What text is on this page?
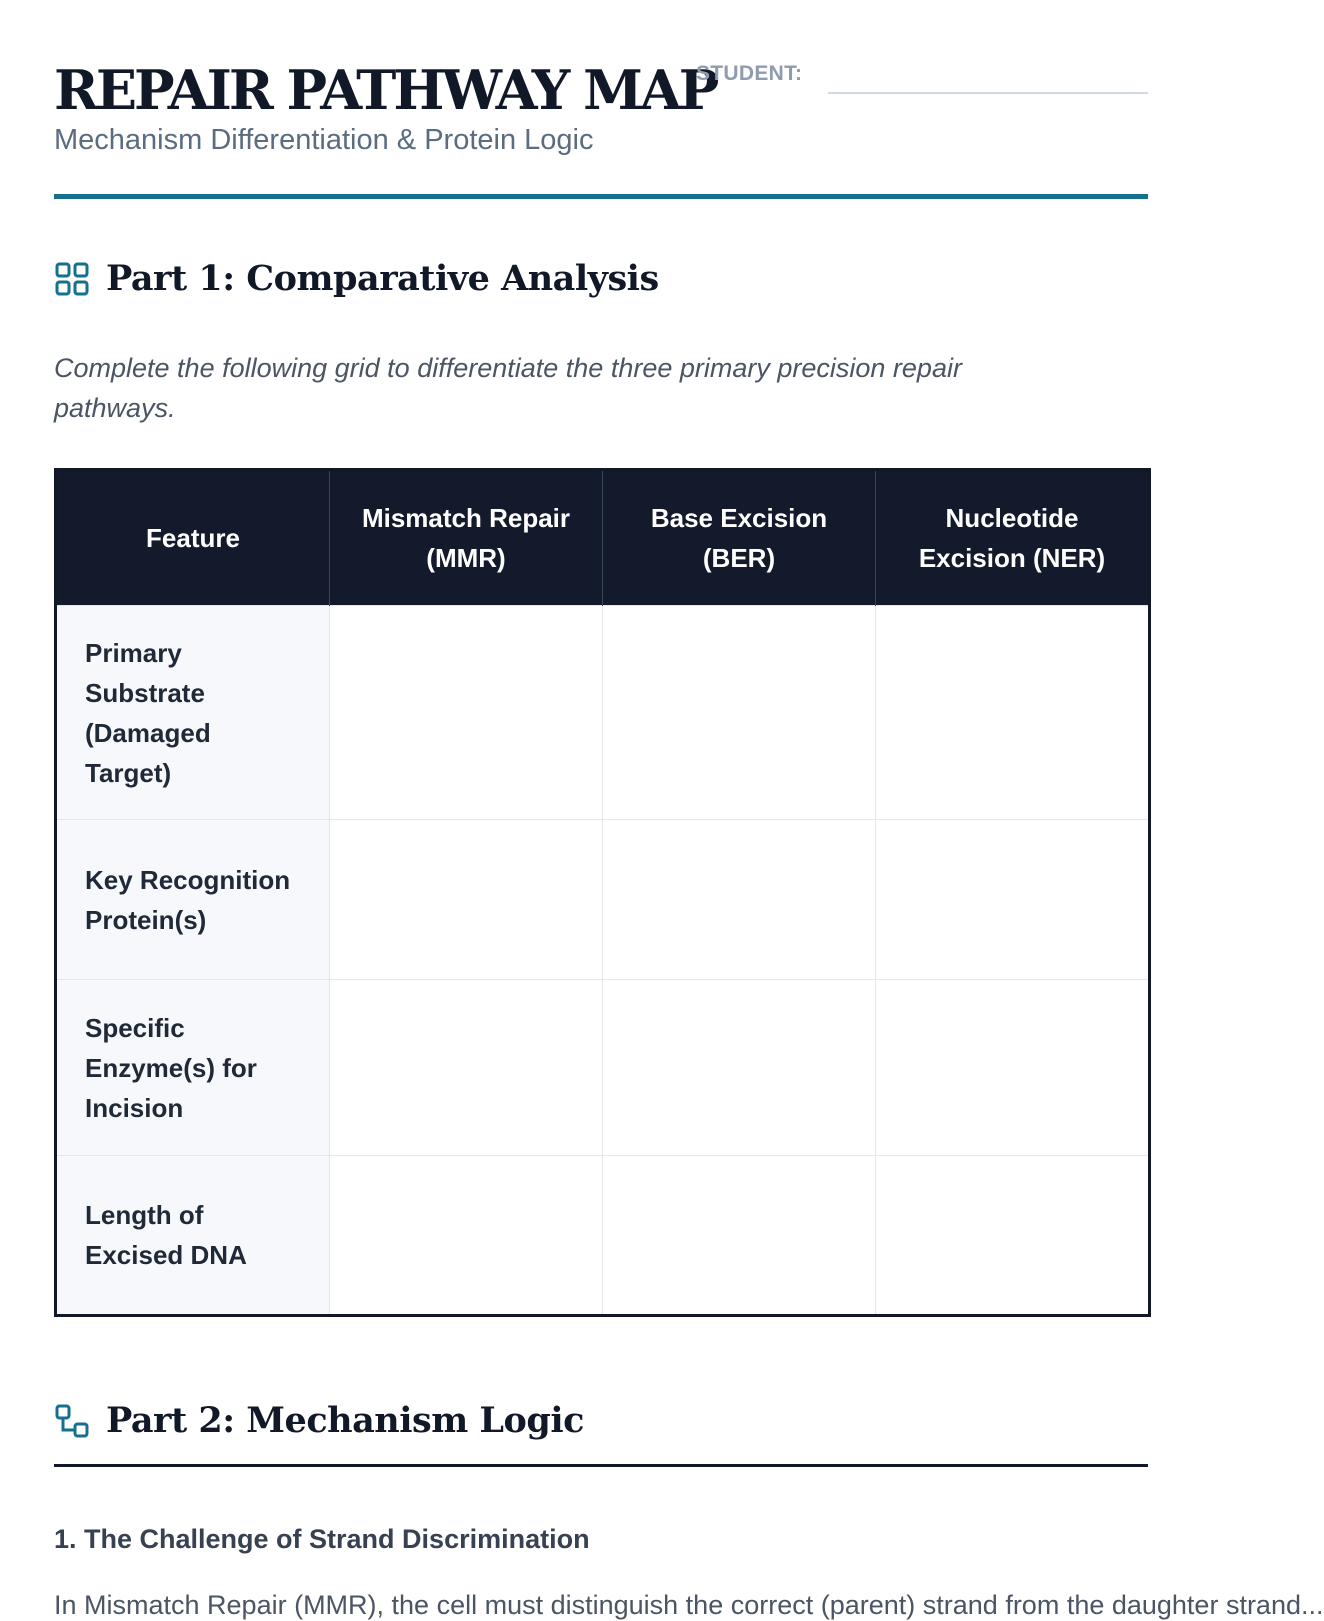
REPAIR PATHWAY MAP
STUDENT:
Mechanism Differentiation & Protein Logic
Part 1: Comparative Analysis

Complete the following grid to differentiate the three primary precision repair pathways.

Feature	Mismatch Repair (MMR)	Base Excision (BER)	Nucleotide Excision (NER)
Primary Substrate (Damaged Target)			
Key Recognition Protein(s)			
Specific Enzyme(s) for Incision			
Length of Excised DNA			
Part 2: Mechanism Logic
1. The Challenge of Strand Discrimination

In Mismatch Repair (MMR), the cell must distinguish the correct (parent) strand from the daughter strand...
